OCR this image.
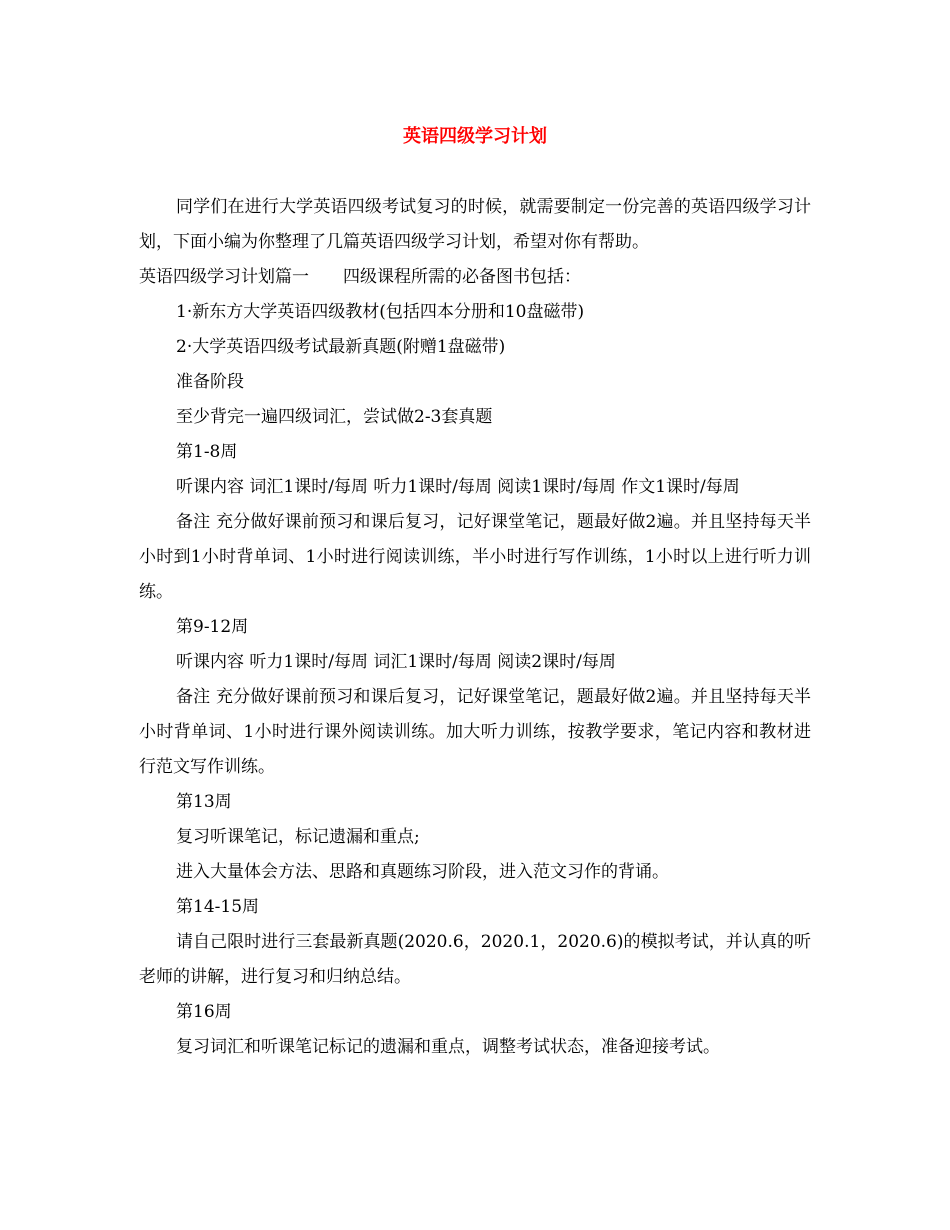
英语四级学习计划

同学们在进行大学英语四级考试复习的时候，就需要制定一份完善的英语四级学习计划，下面小编为你整理了几篇英语四级学习计划，希望对你有帮助。

英语四级学习计划篇一　　四级课程所需的必备图书包括：

1·新东方大学英语四级教材(包括四本分册和10盘磁带)

2·大学英语四级考试最新真题(附赠1盘磁带)

准备阶段

至少背完一遍四级词汇，尝试做2-3套真题

第1-8周

听课内容 词汇1课时/每周 听力1课时/每周 阅读1课时/每周 作文1课时/每周

备注 充分做好课前预习和课后复习，记好课堂笔记，题最好做2遍。并且坚持每天半小时到1小时背单词、1小时进行阅读训练，半小时进行写作训练，1小时以上进行听力训练。

第9-12周

听课内容 听力1课时/每周 词汇1课时/每周 阅读2课时/每周

备注 充分做好课前预习和课后复习，记好课堂笔记，题最好做2遍。并且坚持每天半小时背单词、1小时进行课外阅读训练。加大听力训练，按教学要求，笔记内容和教材进行范文写作训练。

第13周

复习听课笔记，标记遗漏和重点;

进入大量体会方法、思路和真题练习阶段，进入范文习作的背诵。

第14-15周

请自己限时进行三套最新真题(2020.6，2020.1，2020.6)的模拟考试，并认真的听老师的讲解，进行复习和归纳总结。

第16周

复习词汇和听课笔记标记的遗漏和重点，调整考试状态，准备迎接考试。
